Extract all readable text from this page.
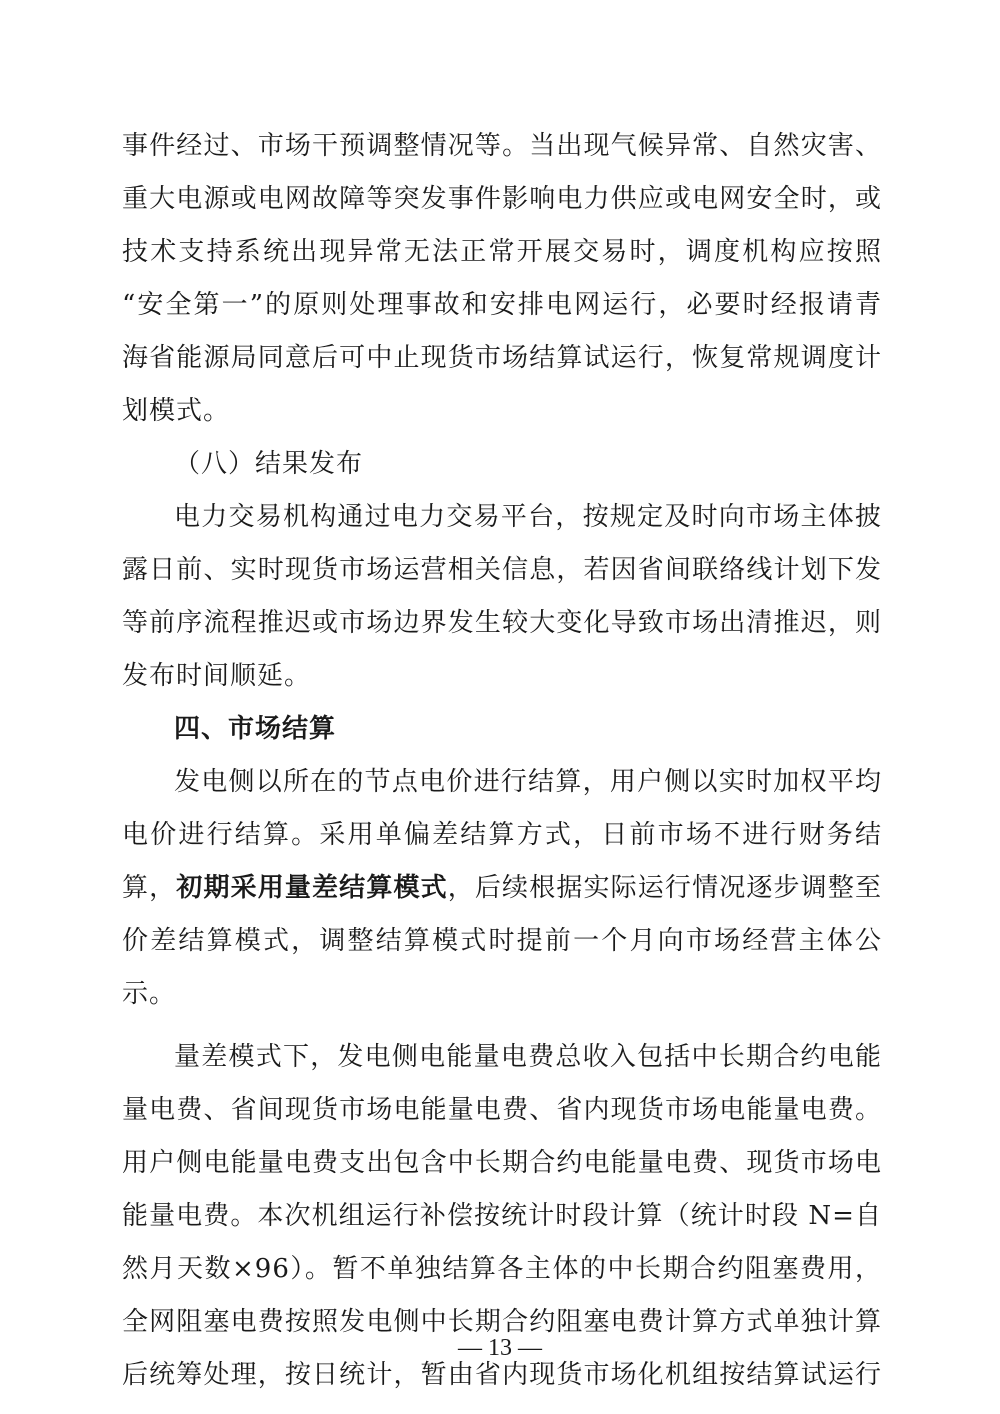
事件经过、市场干预调整情况等。当出现气候异常、自然灾害、
重大电源或电网故障等突发事件影响电力供应或电网安全时，或
技术支持系统出现异常无法正常开展交易时，调度机构应按照
“安全第一”的原则处理事故和安排电网运行，必要时经报请青
海省能源局同意后可中止现货市场结算试运行，恢复常规调度计
划模式。
（八）结果发布
电力交易机构通过电力交易平台，按规定及时向市场主体披
露日前、实时现货市场运营相关信息，若因省间联络线计划下发
等前序流程推迟或市场边界发生较大变化导致市场出清推迟，则
发布时间顺延。
四、市场结算
发电侧以所在的节点电价进行结算，用户侧以实时加权平均
电价进行结算。采用单偏差结算方式，日前市场不进行财务结
算，初期采用量差结算模式，后续根据实际运行情况逐步调整至
价差结算模式，调整结算模式时提前一个月向市场经营主体公
示。
量差模式下，发电侧电能量电费总收入包括中长期合约电能
量电费、省间现货市场电能量电费、省内现货市场电能量电费。
用户侧电能量电费支出包含中长期合约电能量电费、现货市场电
能量电费。本次机组运行补偿按统计时段计算（统计时段 N=自
然月天数×96）。暂不单独结算各主体的中长期合约阻塞费用，
全网阻塞电费按照发电侧中长期合约阻塞电费计算方式单独计算
后统筹处理，按日统计，暂由省内现货市场化机组按结算试运行
— 13 —
